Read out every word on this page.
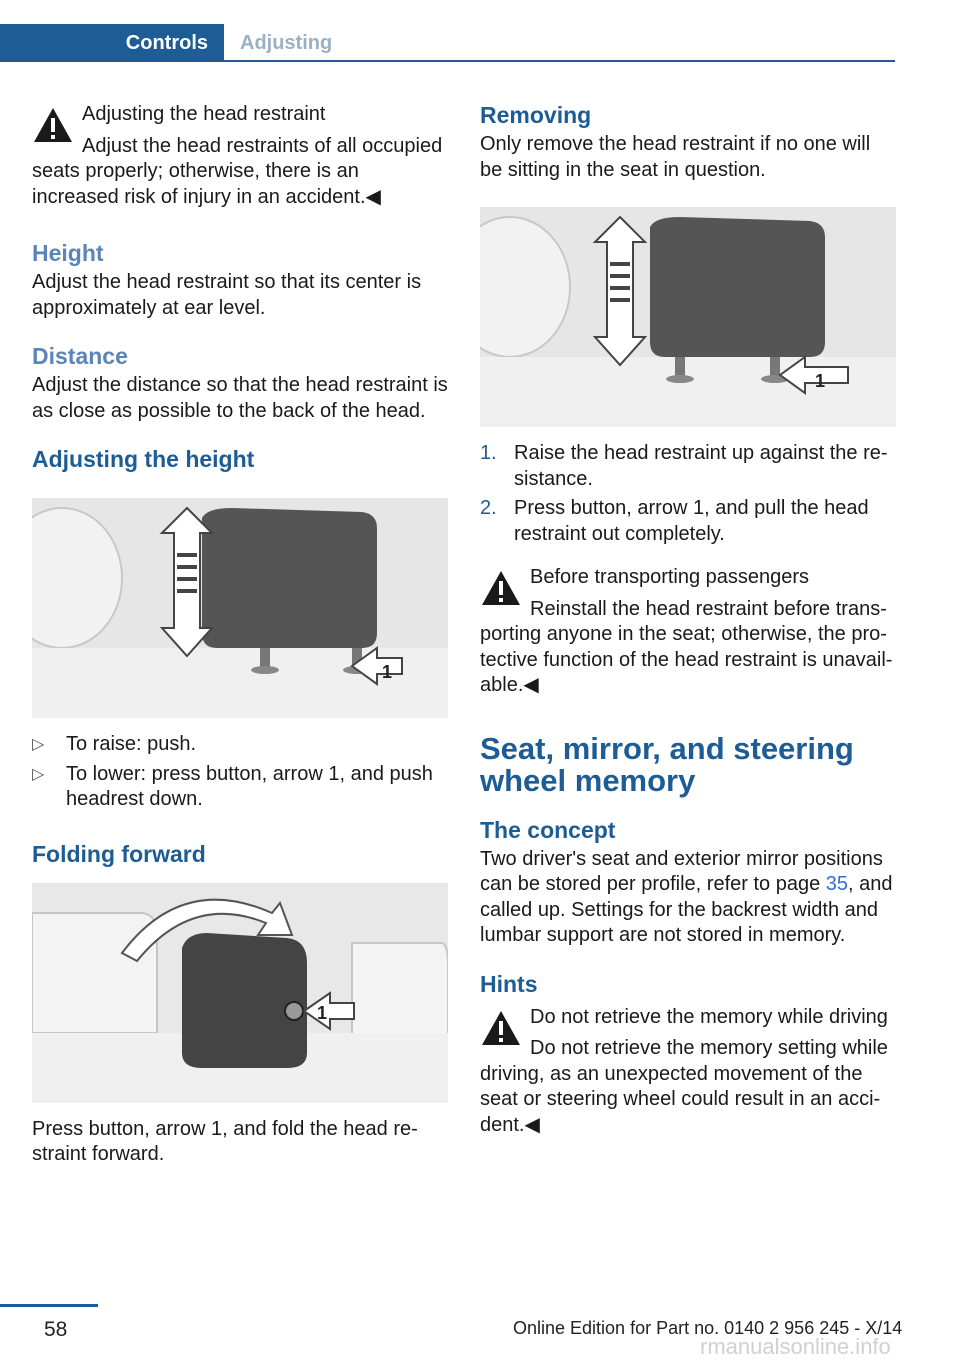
Controls	Adjusting
Adjusting the head restraint
Adjust the head restraints of all occupied
seats properly; otherwise, there is an increased risk of injury in an accident.◀
Height

Adjust the head restraint so that its center is approximately at ear level.

Distance

Adjust the distance so that the head restraint is as close as possible to the back of the head.

Adjusting the height
1
▷ To raise: push.
▷ To lower: press button, arrow 1, and push headrest down.
Folding forward
1

Press button, arrow 1, and fold the head restraint forward.

Removing

Only remove the head restraint if no one will be sitting in the seat in question.

1
1. Raise the head restraint up against the resistance.
2. Press button, arrow 1, and pull the head restraint out completely.
Before transporting passengers
Reinstall the head restraint before trans‐
porting anyone in the seat; otherwise, the pro‐tective function of the head restraint is unavail‐able.◀
Seat, mirror, and steering wheel memory
The concept

Two driver's seat and exterior mirror positions can be stored per profile, refer to page 35, and called up. Settings for the backrest width and lumbar support are not stored in memory.

Hints
Do not retrieve the memory while driving
Do not retrieve the memory setting while
driving, as an unexpected movement of the seat or steering wheel could result in an acci‐dent.◀
58	Online Edition for Part no. 0140 2 956 245 - X/14
rmanualsonline.info
